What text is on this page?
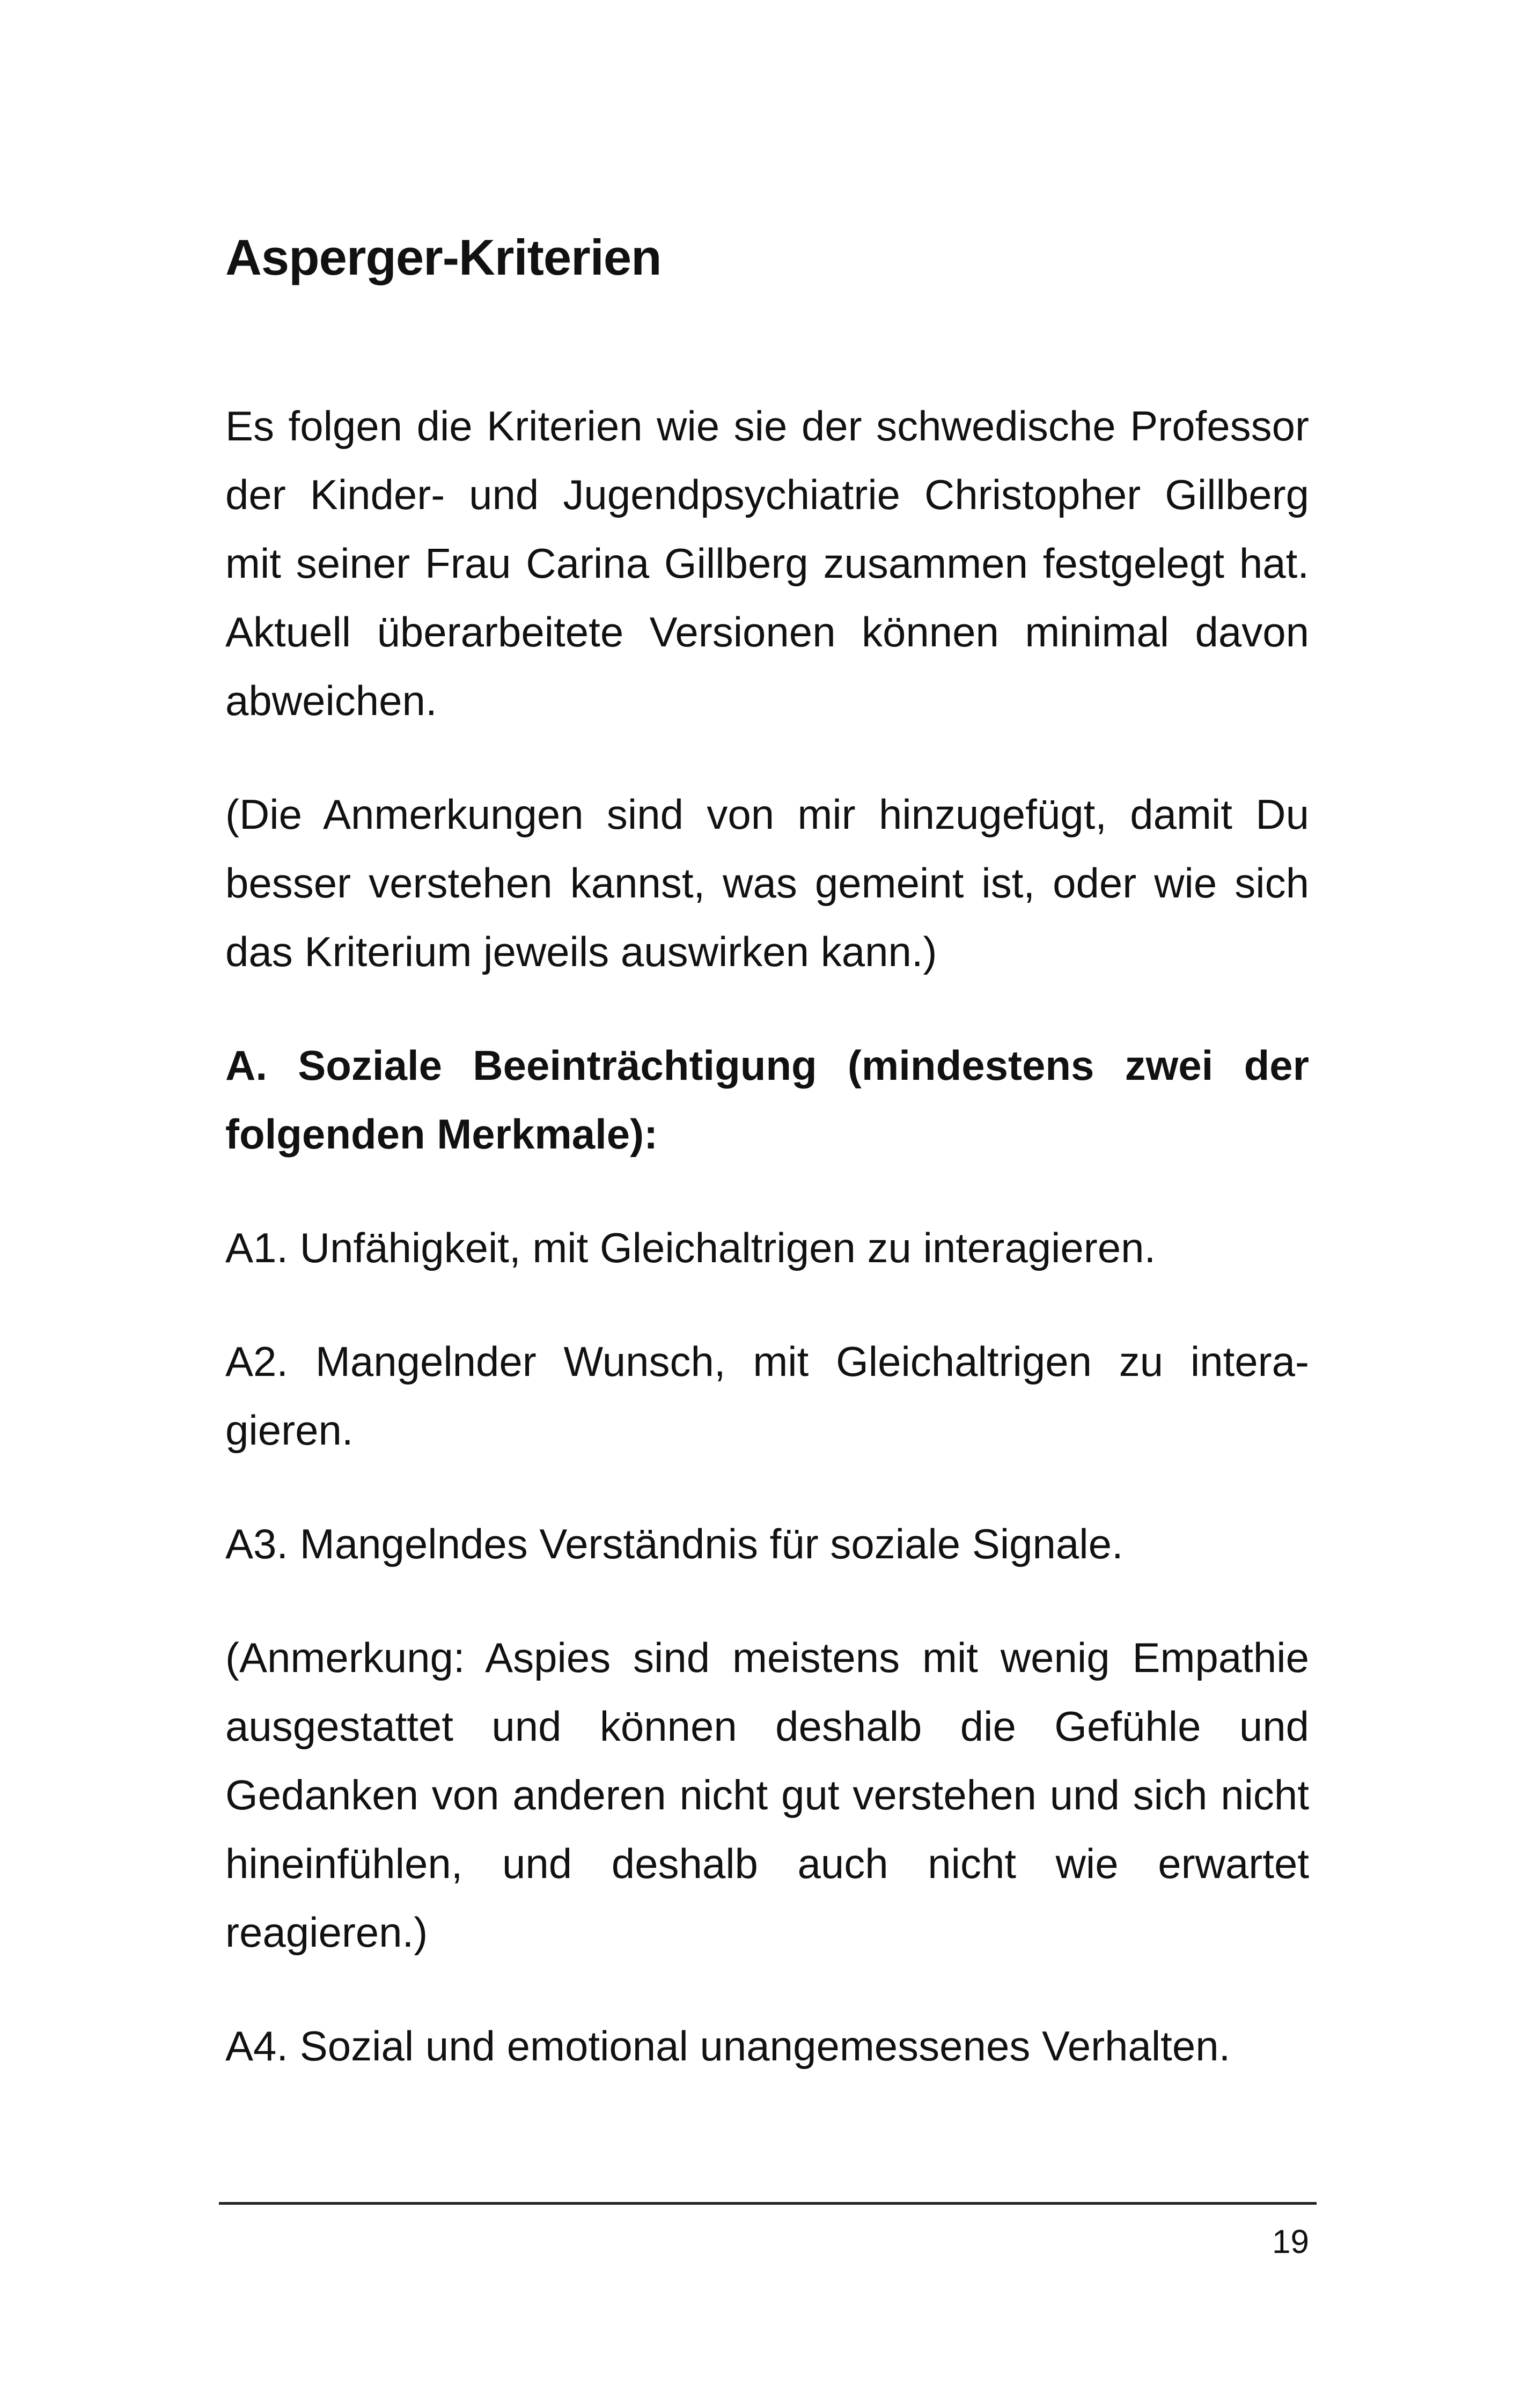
Asperger-Kriterien

Es folgen die Kriterien wie sie der schwedische Professor der Kinder- und Jugendpsychiatrie Christopher Gillberg mit seiner Frau Carina Gillberg zusammen festgelegt hat. Aktuell überarbeitete Versionen können minimal davon abweichen.

(Die Anmerkungen sind von mir hinzugefügt, damit Du besser verstehen kannst, was gemeint ist, oder wie sich das Kriterium jeweils auswirken kann.)

A. Soziale Beeinträchtigung (mindestens zwei der folgenden Merkmale):

A1. Unfähigkeit, mit Gleichaltrigen zu interagieren.

A2. Mangelnder Wunsch, mit Gleichaltrigen zu interagieren.

A3. Mangelndes Verständnis für soziale Signale.

(Anmerkung: Aspies sind meistens mit wenig Empathie ausgestattet und können deshalb die Gefühle und Gedanken von anderen nicht gut verstehen und sich nicht hineinfühlen, und deshalb auch nicht wie erwartet reagieren.)

A4. Sozial und emotional unangemessenes Verhalten.

19
